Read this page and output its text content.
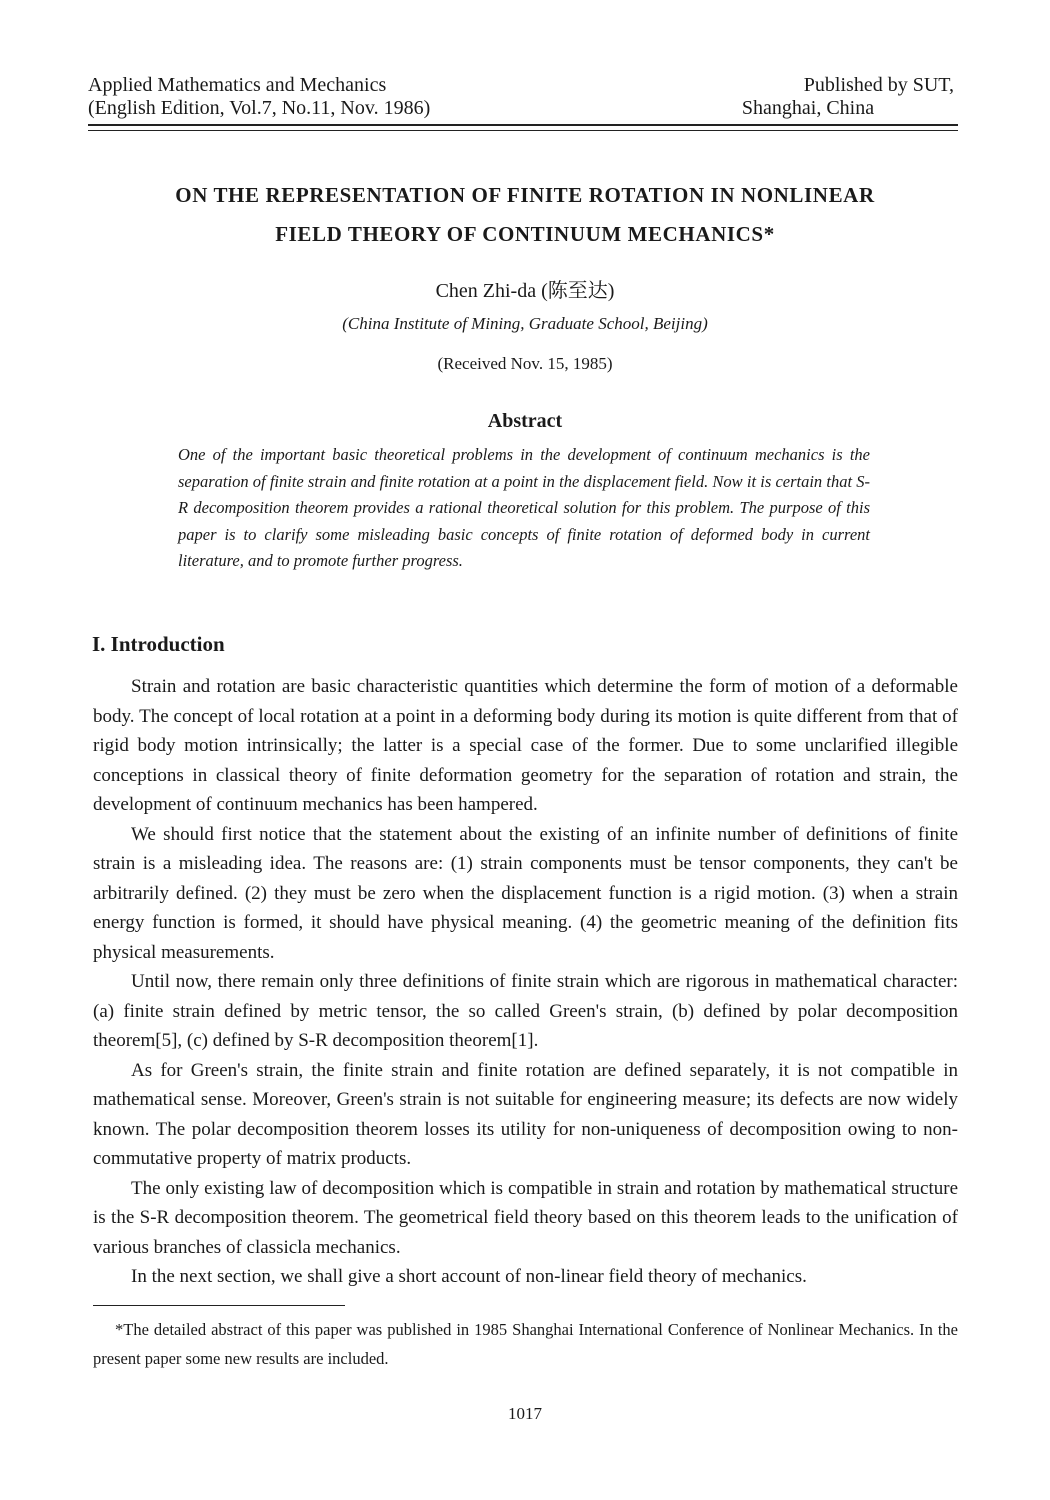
Applied Mathematics and Mechanics
(English Edition, Vol.7, No.11, Nov. 1986)
Published by SUT,
Shanghai, China
ON THE REPRESENTATION OF FINITE ROTATION IN NONLINEAR
FIELD THEORY OF CONTINUUM MECHANICS*
Chen Zhi-da (陈至达)
(China Institute of Mining, Graduate School, Beijing)
(Received Nov. 15, 1985)
Abstract

One of the important basic theoretical problems in the development of continuum mechanics is the separation of finite strain and finite rotation at a point in the displacement field. Now it is certain that S-R decomposition theorem provides a rational theoretical solution for this problem. The purpose of this paper is to clarify some misleading basic concepts of finite rotation of deformed body in current literature, and to promote further progress.

I. Introduction

Strain and rotation are basic characteristic quantities which determine the form of motion of a deformable body. The concept of local rotation at a point in a deforming body during its motion is quite different from that of rigid body motion intrinsically; the latter is a special case of the former. Due to some unclarified illegible conceptions in classical theory of finite deformation geometry for the separation of rotation and strain, the development of continuum mechanics has been hampered.

We should first notice that the statement about the existing of an infinite number of definitions of finite strain is a misleading idea. The reasons are: (1) strain components must be tensor components, they can't be arbitrarily defined. (2) they must be zero when the displacement function is a rigid motion. (3) when a strain energy function is formed, it should have physical meaning. (4) the geometric meaning of the definition fits physical measurements.

Until now, there remain only three definitions of finite strain which are rigorous in mathematical character: (a) finite strain defined by metric tensor, the so called Green's strain, (b) defined by polar decomposition theorem[5], (c) defined by S-R decomposition theorem[1].

As for Green's strain, the finite strain and finite rotation are defined separately, it is not compatible in mathematical sense. Moreover, Green's strain is not suitable for engineering measure; its defects are now widely known. The polar decomposition theorem losses its utility for non-uniqueness of decomposition owing to non-commutative property of matrix products.

The only existing law of decomposition which is compatible in strain and rotation by mathematical structure is the S-R decomposition theorem. The geometrical field theory based on this theorem leads to the unification of various branches of classicla mechanics.

In the next section, we shall give a short account of non-linear field theory of mechanics.

*The detailed abstract of this paper was published in 1985 Shanghai International Conference of Nonlinear Mechanics. In the present paper some new results are included.

1017
